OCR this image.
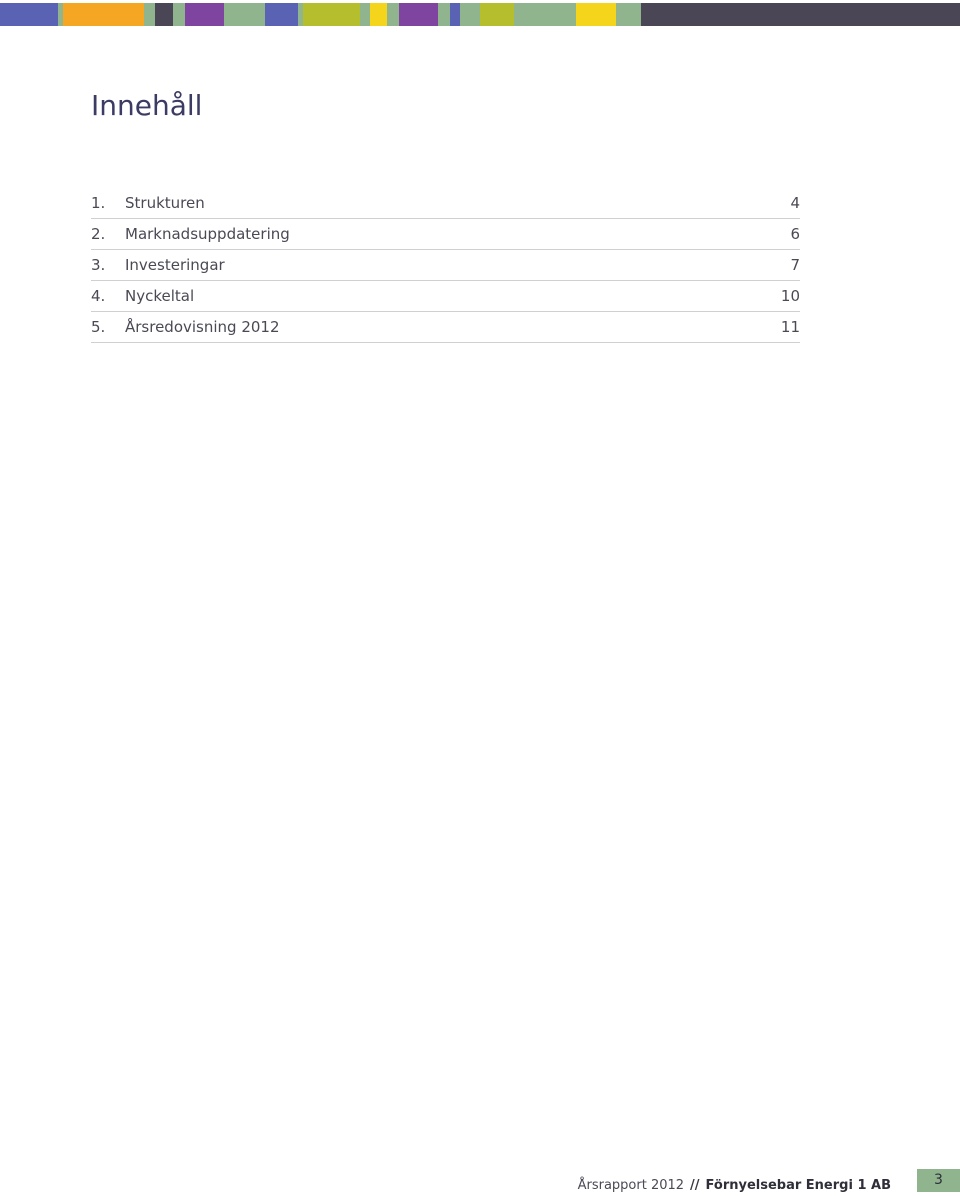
Innehåll
1.	Strukturen	4
2.	Marknadsuppdatering	6
3.	Investeringar	7
4.	Nyckeltal	10
5.	Årsredovisning 2012	11
Årsrapport 2012 // Förnyelsebar Energi 1 AB	3
